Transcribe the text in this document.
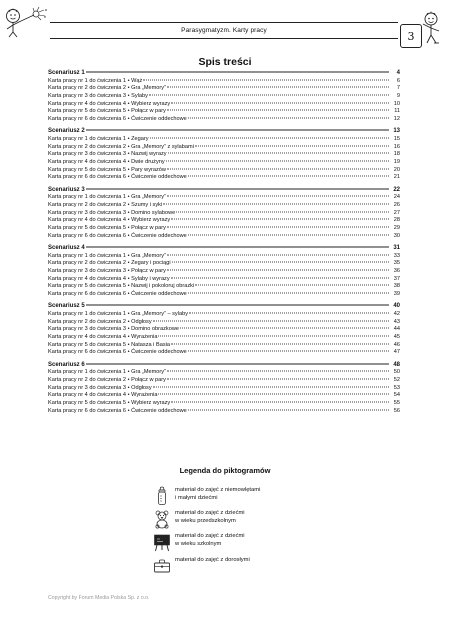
Parasygmatyzm. Karty pracy	3
Spis treści
Scenariusz 1	4
Karta pracy nr 1 do ćwiczenia 1 • Wąż	6
Karta pracy nr 2 do ćwiczenia 2 • Gra „Memory”	7
Karta pracy nr 3 do ćwiczenia 3 • Sylaby	9
Karta pracy nr 4 do ćwiczenia 4 • Wybierz wyrazy	10
Karta pracy nr 5 do ćwiczenia 5 • Połącz w pary	11
Karta pracy nr 6 do ćwiczenia 6 • Ćwiczenie oddechowe	12
Scenariusz 2	13
Karta pracy nr 1 do ćwiczenia 1 • Zegary	15
Karta pracy nr 2 do ćwiczenia 2 • Gra „Memory” z sylabami	16
Karta pracy nr 3 do ćwiczenia 3 • Nazwij wyrazy	18
Karta pracy nr 4 do ćwiczenia 4 • Dwie drużyny	19
Karta pracy nr 5 do ćwiczenia 5 • Pary wyrazów	20
Karta pracy nr 6 do ćwiczenia 6 • Ćwiczenie oddechowe	21
Scenariusz 3	22
Karta pracy nr 1 do ćwiczenia 1 • Gra „Memory”	24
Karta pracy nr 2 do ćwiczenia 2 • Szumy i syki	26
Karta pracy nr 3 do ćwiczenia 3 • Domino sylabowe	27
Karta pracy nr 4 do ćwiczenia 4 • Wybierz wyrazy	28
Karta pracy nr 5 do ćwiczenia 5 • Połącz w pary	29
Karta pracy nr 6 do ćwiczenia 6 • Ćwiczenie oddechowe	30
Scenariusz 4	31
Karta pracy nr 1 do ćwiczenia 1 • Gra „Memory”	33
Karta pracy nr 2 do ćwiczenia 2 • Zegary i pociągi	35
Karta pracy nr 3 do ćwiczenia 3 • Połącz w pary	36
Karta pracy nr 4 do ćwiczenia 4 • Sylaby i wyrazy	37
Karta pracy nr 5 do ćwiczenia 5 • Nazwij i pokoloruj obrazki	38
Karta pracy nr 6 do ćwiczenia 6 • Ćwiczenie oddechowe	39
Scenariusz 5	40
Karta pracy nr 1 do ćwiczenia 1 • Gra „Memory” – sylaby	42
Karta pracy nr 2 do ćwiczenia 2 • Odgłosy	43
Karta pracy nr 3 do ćwiczenia 3 • Domino obrazkowe	44
Karta pracy nr 4 do ćwiczenia 4 • Wyrażenia	45
Karta pracy nr 5 do ćwiczenia 5 • Natasza i Basia	46
Karta pracy nr 6 do ćwiczenia 6 • Ćwiczenie oddechowe	47
Scenariusz 6	48
Karta pracy nr 1 do ćwiczenia 1 • Gra „Memory”	50
Karta pracy nr 2 do ćwiczenia 2 • Połącz w pary	52
Karta pracy nr 3 do ćwiczenia 3 • Odgłosy	53
Karta pracy nr 4 do ćwiczenia 4 • Wyrażenia	54
Karta pracy nr 5 do ćwiczenia 5 • Wybierz wyrazy	55
Karta pracy nr 6 do ćwiczenia 6 • Ćwiczenie oddechowe	56
Legenda do piktogramów
materiał do zajęć z niemowlętami
i małymi dziećmi
materiał do zajęć z dziećmi
w wieku przedszkolnym
materiał do zajęć z dziećmi
w wieku szkolnym
materiał do zajęć z dorosłymi
Copyright by Forum Media Polska Sp. z o.o.
